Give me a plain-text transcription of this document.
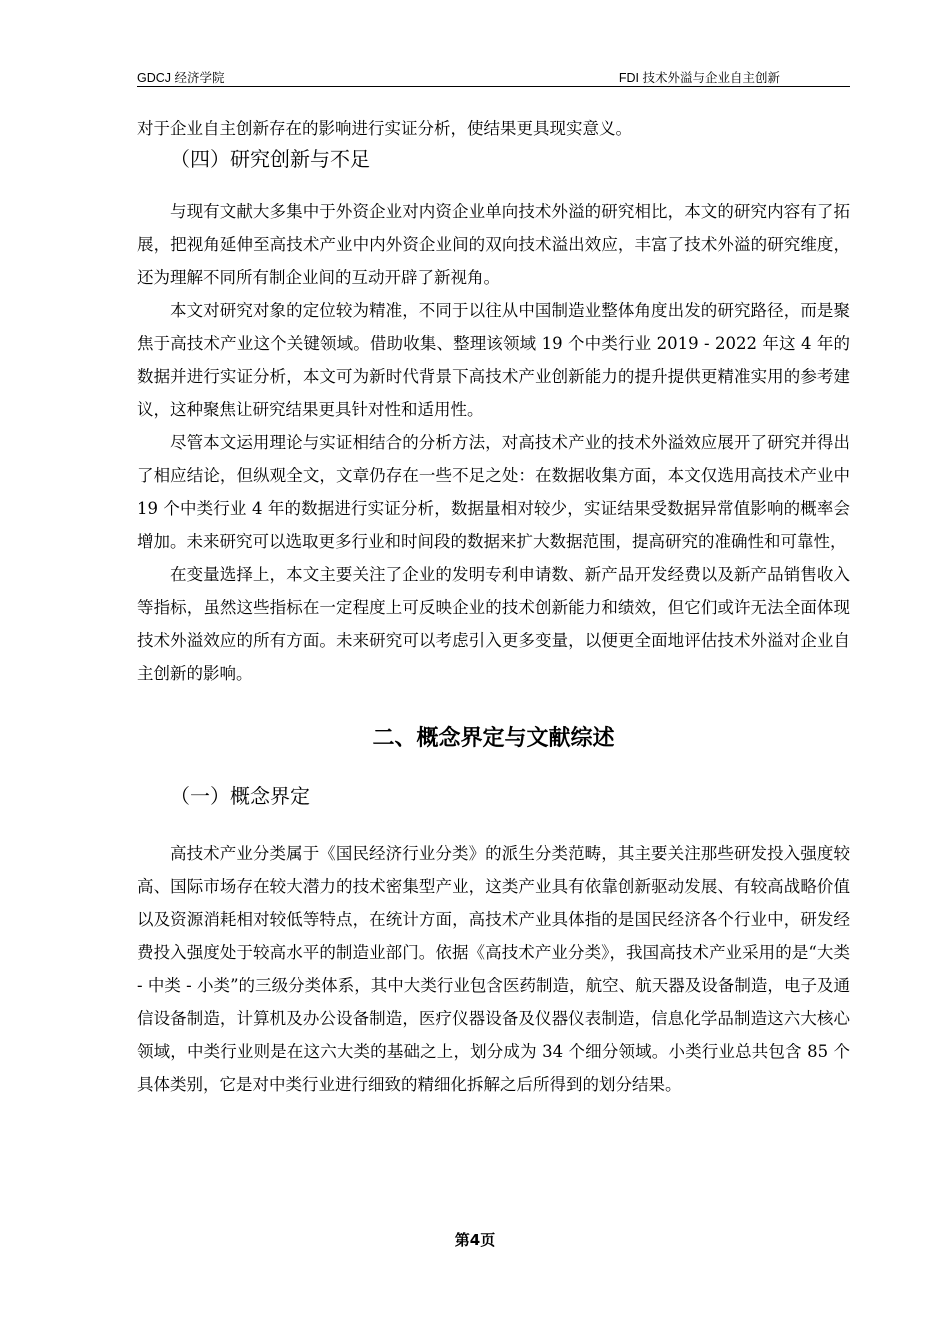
GDCJ 经济学院	FDI 技术外溢与企业自主创新

对于企业自主创新存在的影响进行实证分析，使结果更具现实意义。

（四）研究创新与不足

与现有文献大多集中于外资企业对内资企业单向技术外溢的研究相比，本文的研究内容有了拓展，把视角延伸至高技术产业中内外资企业间的双向技术溢出效应，丰富了技术外溢的研究维度，还为理解不同所有制企业间的互动开辟了新视角。

本文对研究对象的定位较为精准，不同于以往从中国制造业整体角度出发的研究路径，而是聚焦于高技术产业这个关键领域。借助收集、整理该领域 19 个中类行业 2019 - 2022 年这 4 年的数据并进行实证分析，本文可为新时代背景下高技术产业创新能力的提升提供更精准实用的参考建议，这种聚焦让研究结果更具针对性和适用性。

尽管本文运用理论与实证相结合的分析方法，对高技术产业的技术外溢效应展开了研究并得出了相应结论，但纵观全文，文章仍存在一些不足之处：在数据收集方面，本文仅选用高技术产业中 19 个中类行业 4 年的数据进行实证分析，数据量相对较少，实证结果受数据异常值影响的概率会增加。未来研究可以选取更多行业和时间段的数据来扩大数据范围，提高研究的准确性和可靠性，

在变量选择上，本文主要关注了企业的发明专利申请数、新产品开发经费以及新产品销售收入等指标，虽然这些指标在一定程度上可反映企业的技术创新能力和绩效，但它们或许无法全面体现技术外溢效应的所有方面。未来研究可以考虑引入更多变量，以便更全面地评估技术外溢对企业自主创新的影响。

二、概念界定与文献综述
（一）概念界定

高技术产业分类属于《国民经济行业分类》的派生分类范畴，其主要关注那些研发投入强度较高、国际市场存在较大潜力的技术密集型产业，这类产业具有依靠创新驱动发展、有较高战略价值以及资源消耗相对较低等特点，在统计方面，高技术产业具体指的是国民经济各个行业中，研发经费投入强度处于较高水平的制造业部门。依据《高技术产业分类》，我国高技术产业采用的是“大类 - 中类 - 小类”的三级分类体系，其中大类行业包含医药制造，航空、航天器及设备制造，电子及通信设备制造，计算机及办公设备制造，医疗仪器设备及仪器仪表制造，信息化学品制造这六大核心领域，中类行业则是在这六大类的基础之上，划分成为 34 个细分领域。小类行业总共包含 85 个具体类别，它是对中类行业进行细致的精细化拆解之后所得到的划分结果。

第4页
